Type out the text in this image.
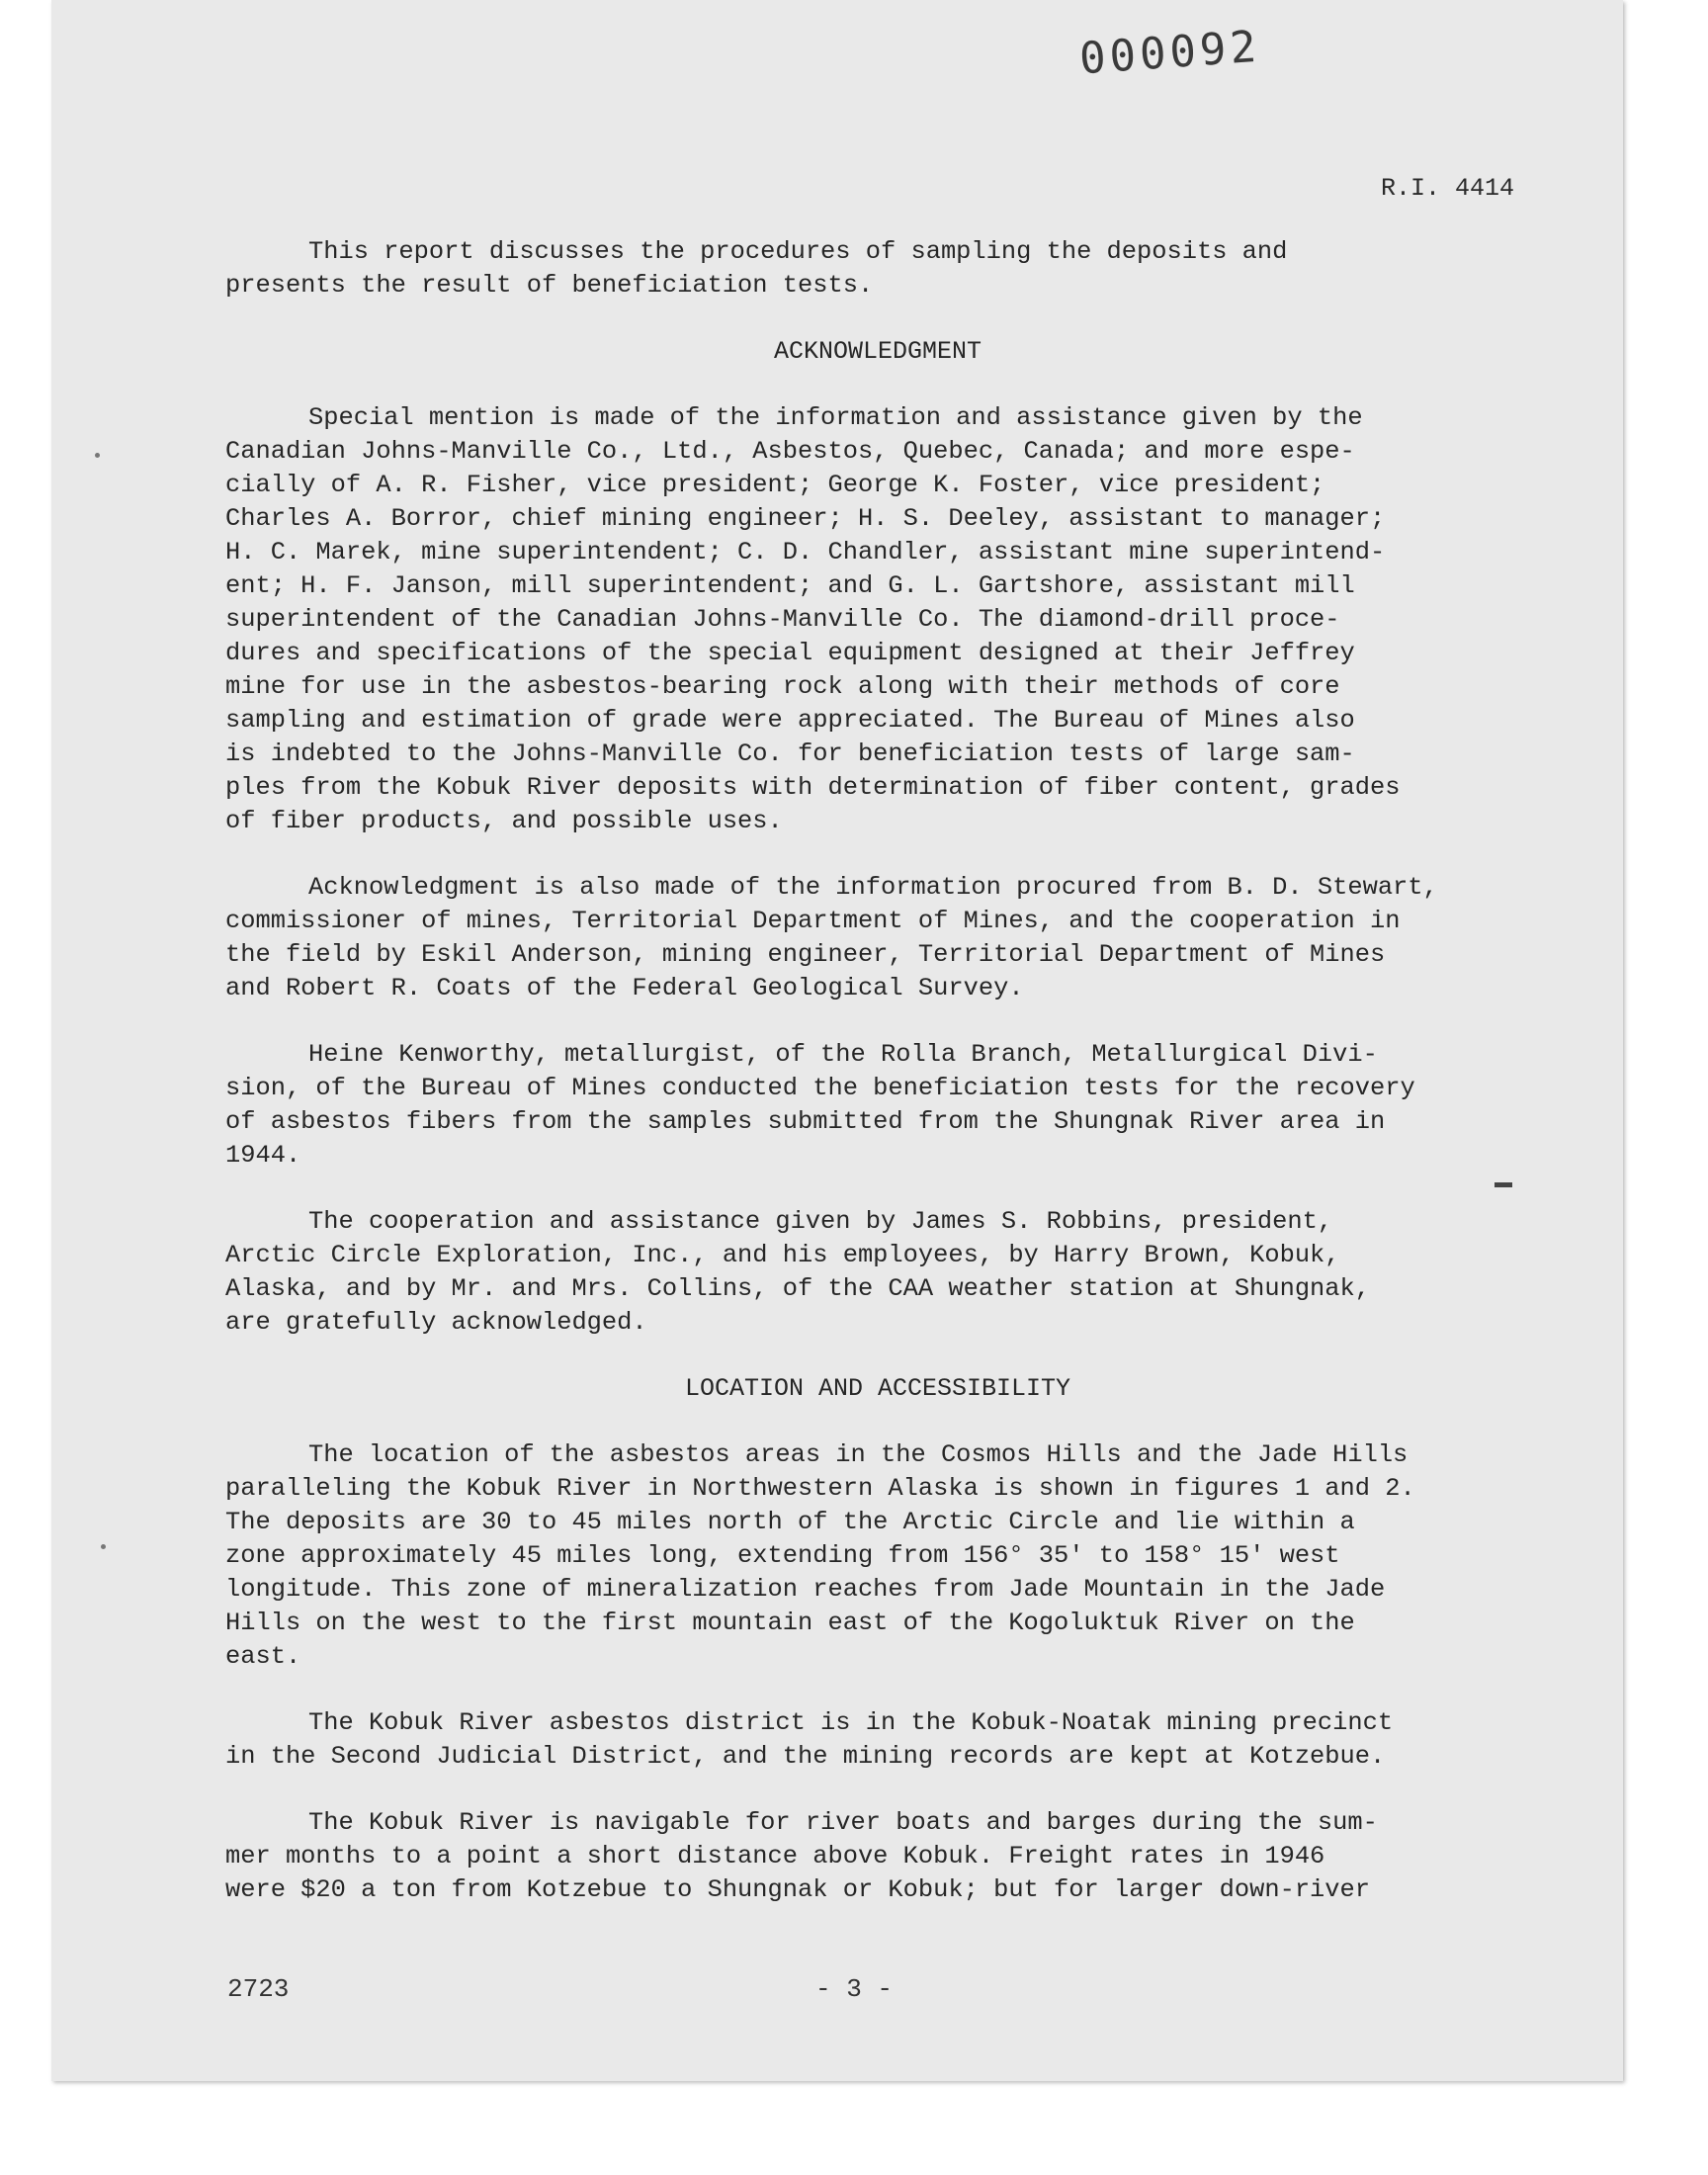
000092
R.I. 4414

This report discusses the procedures of sampling the deposits and
presents the result of beneficiation tests.

ACKNOWLEDGMENT

Special mention is made of the information and assistance given by the
Canadian Johns-Manville Co., Ltd., Asbestos, Quebec, Canada; and more espe-
cially of A. R. Fisher, vice president; George K. Foster, vice president;
Charles A. Borror, chief mining engineer; H. S. Deeley, assistant to manager;
H. C. Marek, mine superintendent; C. D. Chandler, assistant mine superintend-
ent; H. F. Janson, mill superintendent; and G. L. Gartshore, assistant mill
superintendent of the Canadian Johns-Manville Co. The diamond-drill proce-
dures and specifications of the special equipment designed at their Jeffrey
mine for use in the asbestos-bearing rock along with their methods of core
sampling and estimation of grade were appreciated. The Bureau of Mines also
is indebted to the Johns-Manville Co. for beneficiation tests of large sam-
ples from the Kobuk River deposits with determination of fiber content, grades
of fiber products, and possible uses.

Acknowledgment is also made of the information procured from B. D. Stewart,
commissioner of mines, Territorial Department of Mines, and the cooperation in
the field by Eskil Anderson, mining engineer, Territorial Department of Mines
and Robert R. Coats of the Federal Geological Survey.

Heine Kenworthy, metallurgist, of the Rolla Branch, Metallurgical Divi-
sion, of the Bureau of Mines conducted the beneficiation tests for the recovery
of asbestos fibers from the samples submitted from the Shungnak River area in
1944.

The cooperation and assistance given by James S. Robbins, president,
Arctic Circle Exploration, Inc., and his employees, by Harry Brown, Kobuk,
Alaska, and by Mr. and Mrs. Collins, of the CAA weather station at Shungnak,
are gratefully acknowledged.

LOCATION AND ACCESSIBILITY

The location of the asbestos areas in the Cosmos Hills and the Jade Hills
paralleling the Kobuk River in Northwestern Alaska is shown in figures 1 and 2.
The deposits are 30 to 45 miles north of the Arctic Circle and lie within a
zone approximately 45 miles long, extending from 156° 35' to 158° 15' west
longitude. This zone of mineralization reaches from Jade Mountain in the Jade
Hills on the west to the first mountain east of the Kogoluktuk River on the
east.

The Kobuk River asbestos district is in the Kobuk-Noatak mining precinct
in the Second Judicial District, and the mining records are kept at Kotzebue.

The Kobuk River is navigable for river boats and barges during the sum-
mer months to a point a short distance above Kobuk. Freight rates in 1946
were $20 a ton from Kotzebue to Shungnak or Kobuk; but for larger down-river

2723	- 3 -
